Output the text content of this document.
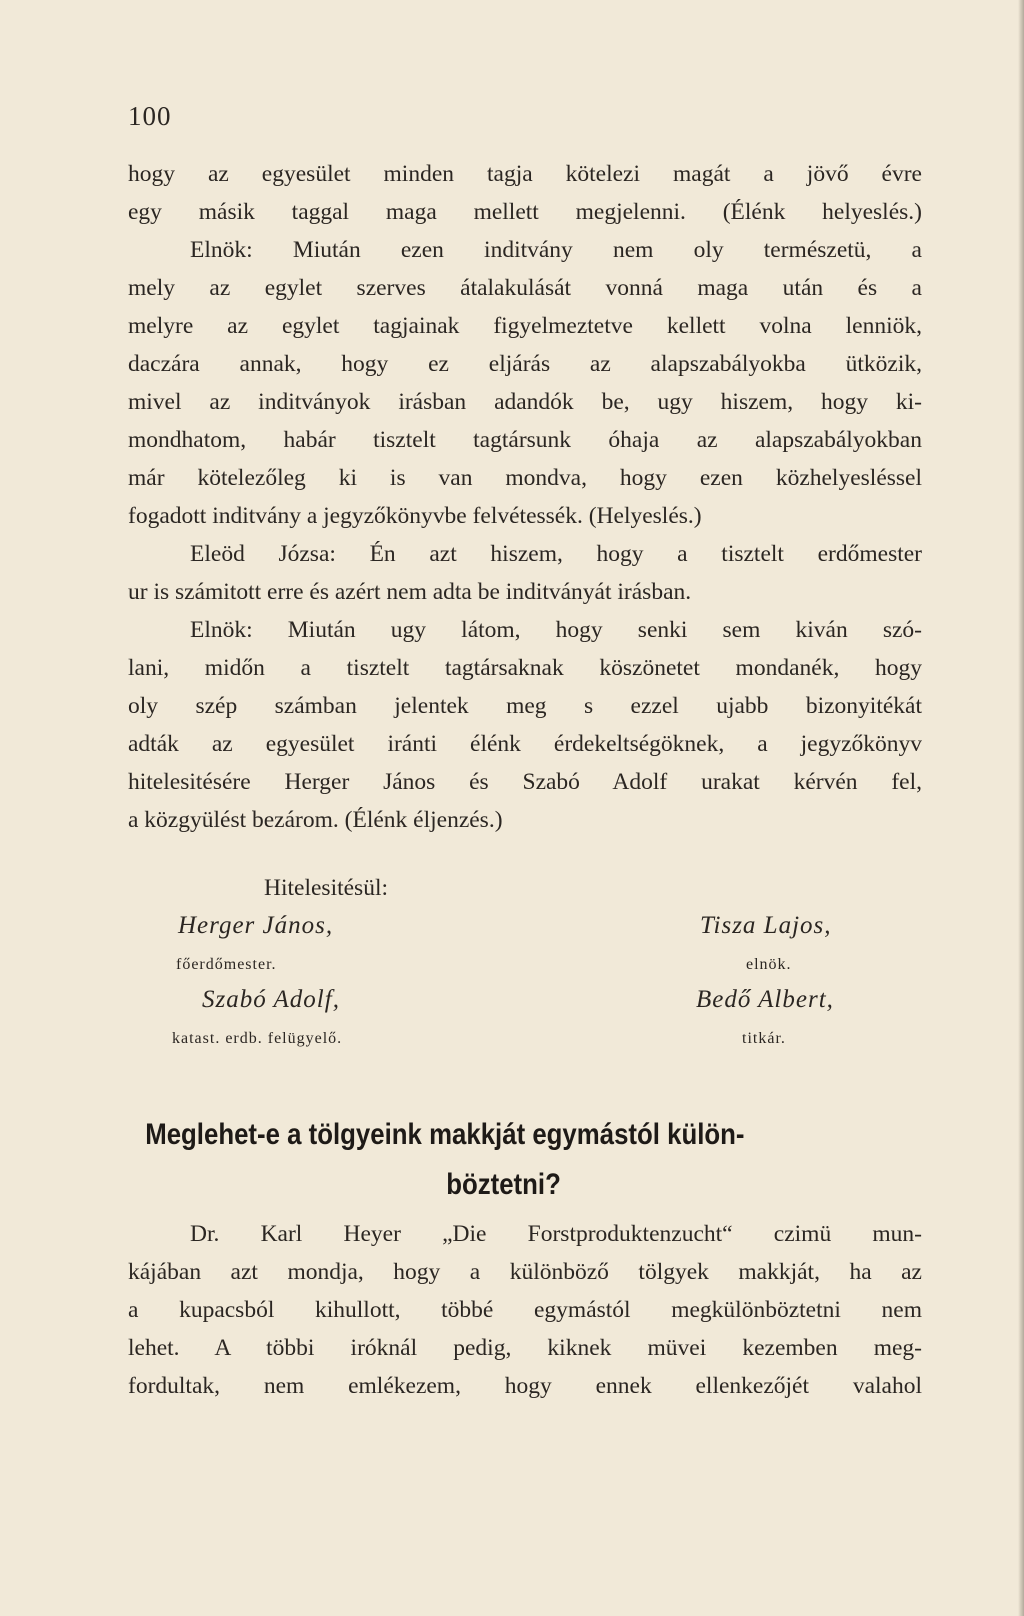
100
hogy az egyesület minden tagja kötelezi magát a jövő évre
egy másik taggal maga mellett megjelenni. (Élénk helyeslés.)
Elnök: Miután ezen inditvány nem oly természetü, a
mely az egylet szerves átalakulását vonná maga után és a
melyre az egylet tagjainak figyelmeztetve kellett volna lenniök,
daczára annak, hogy ez eljárás az alapszabályokba ütközik,
mivel az inditványok irásban adandók be, ugy hiszem, hogy ki-
mondhatom, habár tisztelt tagtársunk óhaja az alapszabályokban
már kötelezőleg ki is van mondva, hogy ezen közhelyesléssel
fogadott inditvány a jegyzőkönyvbe felvétessék. (Helyeslés.)
Eleöd Józsa: Én azt hiszem, hogy a tisztelt erdőmester
ur is számitott erre és azért nem adta be inditványát irásban.
Elnök: Miután ugy látom, hogy senki sem kiván szó-
lani, midőn a tisztelt tagtársaknak köszönetet mondanék, hogy
oly szép számban jelentek meg s ezzel ujabb bizonyitékát
adták az egyesület iránti élénk érdekeltségöknek, a jegyzőkönyv
hitelesitésére Herger János és Szabó Adolf urakat kérvén fel,
a közgyülést bezárom. (Élénk éljenzés.)
Hitelesitésül:
Herger János,	Tisza Lajos,
főerdőmester.	elnök.
Szabó Adolf,	Bedő Albert,
katast. erdb. felügyelő.	titkár.
Meglehet-e a tölgyeink makkját egymástól külön-
böztetni?
Dr. Karl Heyer „Die Forstproduktenzucht“ czimü mun-
kájában azt mondja, hogy a különböző tölgyek makkját, ha az
a kupacsból kihullott, többé egymástól megkülönböztetni nem
lehet. A többi iróknál pedig, kiknek müvei kezemben meg-
fordultak, nem emlékezem, hogy ennek ellenkezőjét valahol
